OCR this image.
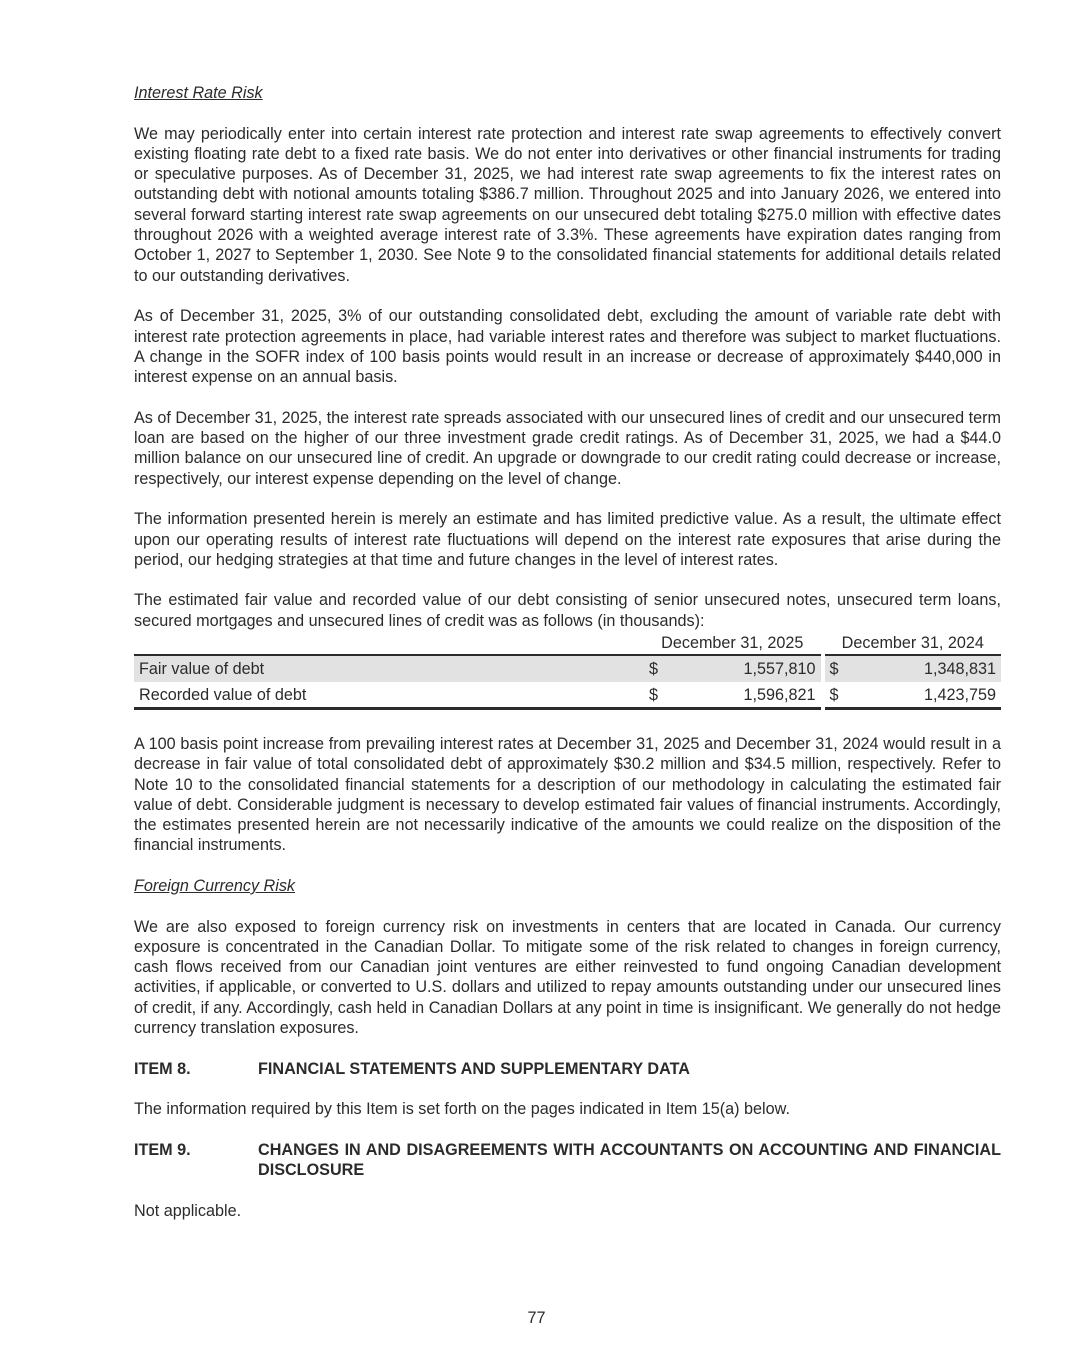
Interest Rate Risk

We may periodically enter into certain interest rate protection and interest rate swap agreements to effectively convert existing floating rate debt to a fixed rate basis. We do not enter into derivatives or other financial instruments for trading or speculative purposes. As of December 31, 2025, we had interest rate swap agreements to fix the interest rates on outstanding debt with notional amounts totaling $386.7 million. Throughout 2025 and into January 2026, we entered into several forward starting interest rate swap agreements on our unsecured debt totaling $275.0 million with effective dates throughout 2026 with a weighted average interest rate of 3.3%. These agreements have expiration dates ranging from October 1, 2027 to September 1, 2030. See Note 9 to the consolidated financial statements for additional details related to our outstanding derivatives.

As of December 31, 2025, 3% of our outstanding consolidated debt, excluding the amount of variable rate debt with interest rate protection agreements in place, had variable interest rates and therefore was subject to market fluctuations. A change in the SOFR index of 100 basis points would result in an increase or decrease of approximately $440,000 in interest expense on an annual basis.

As of December 31, 2025, the interest rate spreads associated with our unsecured lines of credit and our unsecured term loan are based on the higher of our three investment grade credit ratings. As of December 31, 2025, we had a $44.0 million balance on our unsecured line of credit. An upgrade or downgrade to our credit rating could decrease or increase, respectively, our interest expense depending on the level of change.

The information presented herein is merely an estimate and has limited predictive value. As a result, the ultimate effect upon our operating results of interest rate fluctuations will depend on the interest rate exposures that arise during the period, our hedging strategies at that time and future changes in the level of interest rates.

The estimated fair value and recorded value of our debt consisting of senior unsecured notes, unsecured term loans, secured mortgages and unsecured lines of credit was as follows (in thousands):

	December 31, 2025			December 31, 2024	
Fair value of debt	$	1,557,810		$	1,348,831
Recorded value of debt	$	1,596,821		$	1,423,759

A 100 basis point increase from prevailing interest rates at December 31, 2025 and December 31, 2024 would result in a decrease in fair value of total consolidated debt of approximately $30.2 million and $34.5 million, respectively. Refer to Note 10 to the consolidated financial statements for a description of our methodology in calculating the estimated fair value of debt. Considerable judgment is necessary to develop estimated fair values of financial instruments. Accordingly, the estimates presented herein are not necessarily indicative of the amounts we could realize on the disposition of the financial instruments.

Foreign Currency Risk

We are also exposed to foreign currency risk on investments in centers that are located in Canada. Our currency exposure is concentrated in the Canadian Dollar. To mitigate some of the risk related to changes in foreign currency, cash flows received from our Canadian joint ventures are either reinvested to fund ongoing Canadian development activities, if applicable, or converted to U.S. dollars and utilized to repay amounts outstanding under our unsecured lines of credit, if any. Accordingly, cash held in Canadian Dollars at any point in time is insignificant. We generally do not hedge currency translation exposures.

ITEM 8.	FINANCIAL STATEMENTS AND SUPPLEMENTARY DATA

The information required by this Item is set forth on the pages indicated in Item 15(a) below.

ITEM 9.	CHANGES IN AND DISAGREEMENTS WITH ACCOUNTANTS ON ACCOUNTING AND FINANCIAL DISCLOSURE

Not applicable.

77
